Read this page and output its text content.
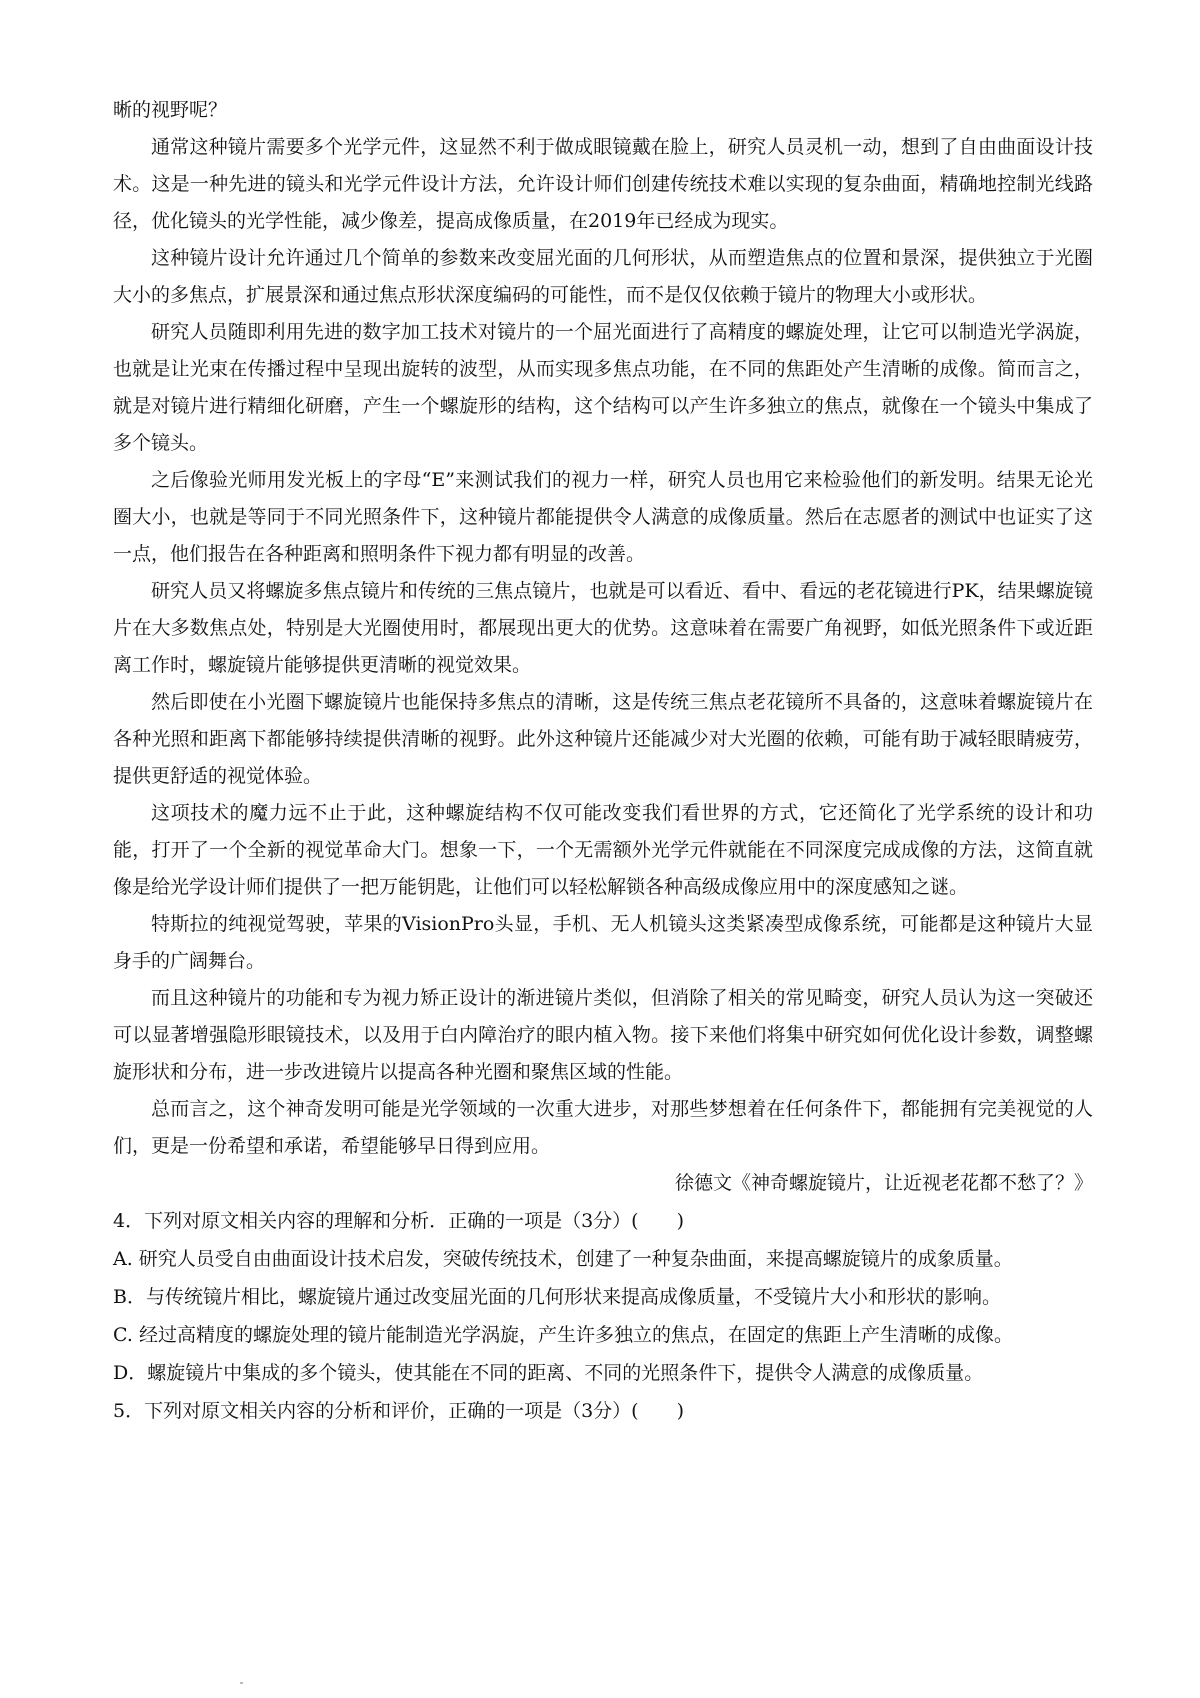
晰的视野呢？

通常这种镜片需要多个光学元件，这显然不利于做成眼镜戴在脸上，研究人员灵机一动，想到了自由曲面设计技术。这是一种先进的镜头和光学元件设计方法，允许设计师们创建传统技术难以实现的复杂曲面，精确地控制光线路径，优化镜头的光学性能，减少像差，提高成像质量，在2019年已经成为现实。

这种镜片设计允许通过几个简单的参数来改变屈光面的几何形状，从而塑造焦点的位置和景深，提供独立于光圈大小的多焦点，扩展景深和通过焦点形状深度编码的可能性，而不是仅仅依赖于镜片的物理大小或形状。

研究人员随即利用先进的数字加工技术对镜片的一个屈光面进行了高精度的螺旋处理，让它可以制造光学涡旋，也就是让光束在传播过程中呈现出旋转的波型，从而实现多焦点功能，在不同的焦距处产生清晰的成像。简而言之，就是对镜片进行精细化研磨，产生一个螺旋形的结构，这个结构可以产生许多独立的焦点，就像在一个镜头中集成了多个镜头。

之后像验光师用发光板上的字母“E”来测试我们的视力一样，研究人员也用它来检验他们的新发明。结果无论光圈大小，也就是等同于不同光照条件下，这种镜片都能提供令人满意的成像质量。然后在志愿者的测试中也证实了这一点，他们报告在各种距离和照明条件下视力都有明显的改善。

研究人员又将螺旋多焦点镜片和传统的三焦点镜片，也就是可以看近、看中、看远的老花镜进行PK，结果螺旋镜片在大多数焦点处，特别是大光圈使用时，都展现出更大的优势。这意味着在需要广角视野，如低光照条件下或近距离工作时，螺旋镜片能够提供更清晰的视觉效果。

然后即使在小光圈下螺旋镜片也能保持多焦点的清晰，这是传统三焦点老花镜所不具备的，这意味着螺旋镜片在各种光照和距离下都能够持续提供清晰的视野。此外这种镜片还能减少对大光圈的依赖，可能有助于减轻眼睛疲劳，提供更舒适的视觉体验。

这项技术的魔力远不止于此，这种螺旋结构不仅可能改变我们看世界的方式，它还简化了光学系统的设计和功能，打开了一个全新的视觉革命大门。想象一下，一个无需额外光学元件就能在不同深度完成成像的方法，这简直就像是给光学设计师们提供了一把万能钥匙，让他们可以轻松解锁各种高级成像应用中的深度感知之谜。

特斯拉的纯视觉驾驶，苹果的VisionPro头显，手机、无人机镜头这类紧凑型成像系统，可能都是这种镜片大显身手的广阔舞台。

而且这种镜片的功能和专为视力矫正设计的渐进镜片类似，但消除了相关的常见畸变，研究人员认为这一突破还可以显著增强隐形眼镜技术，以及用于白内障治疗的眼内植入物。接下来他们将集中研究如何优化设计参数，调整螺旋形状和分布，进一步改进镜片以提高各种光圈和聚焦区域的性能。

总而言之，这个神奇发明可能是光学领域的一次重大进步，对那些梦想着在任何条件下，都能拥有完美视觉的人们，更是一份希望和承诺，希望能够早日得到应用。

徐德文《神奇螺旋镜片，让近视老花都不愁了？》

4．下列对原文相关内容的理解和分析．正确的一项是（3分）(　　)

A. 研究人员受自由曲面设计技术启发，突破传统技术，创建了一种复杂曲面，来提高螺旋镜片的成象质量。

B．与传统镜片相比，螺旋镜片通过改变屈光面的几何形状来提高成像质量，不受镜片大小和形状的影响。

C. 经过高精度的螺旋处理的镜片能制造光学涡旋，产生许多独立的焦点，在固定的焦距上产生清晰的成像。

D．螺旋镜片中集成的多个镜头，使其能在不同的距离、不同的光照条件下，提供令人满意的成像质量。

5．下列对原文相关内容的分析和评价，正确的一项是（3分）(　　)
